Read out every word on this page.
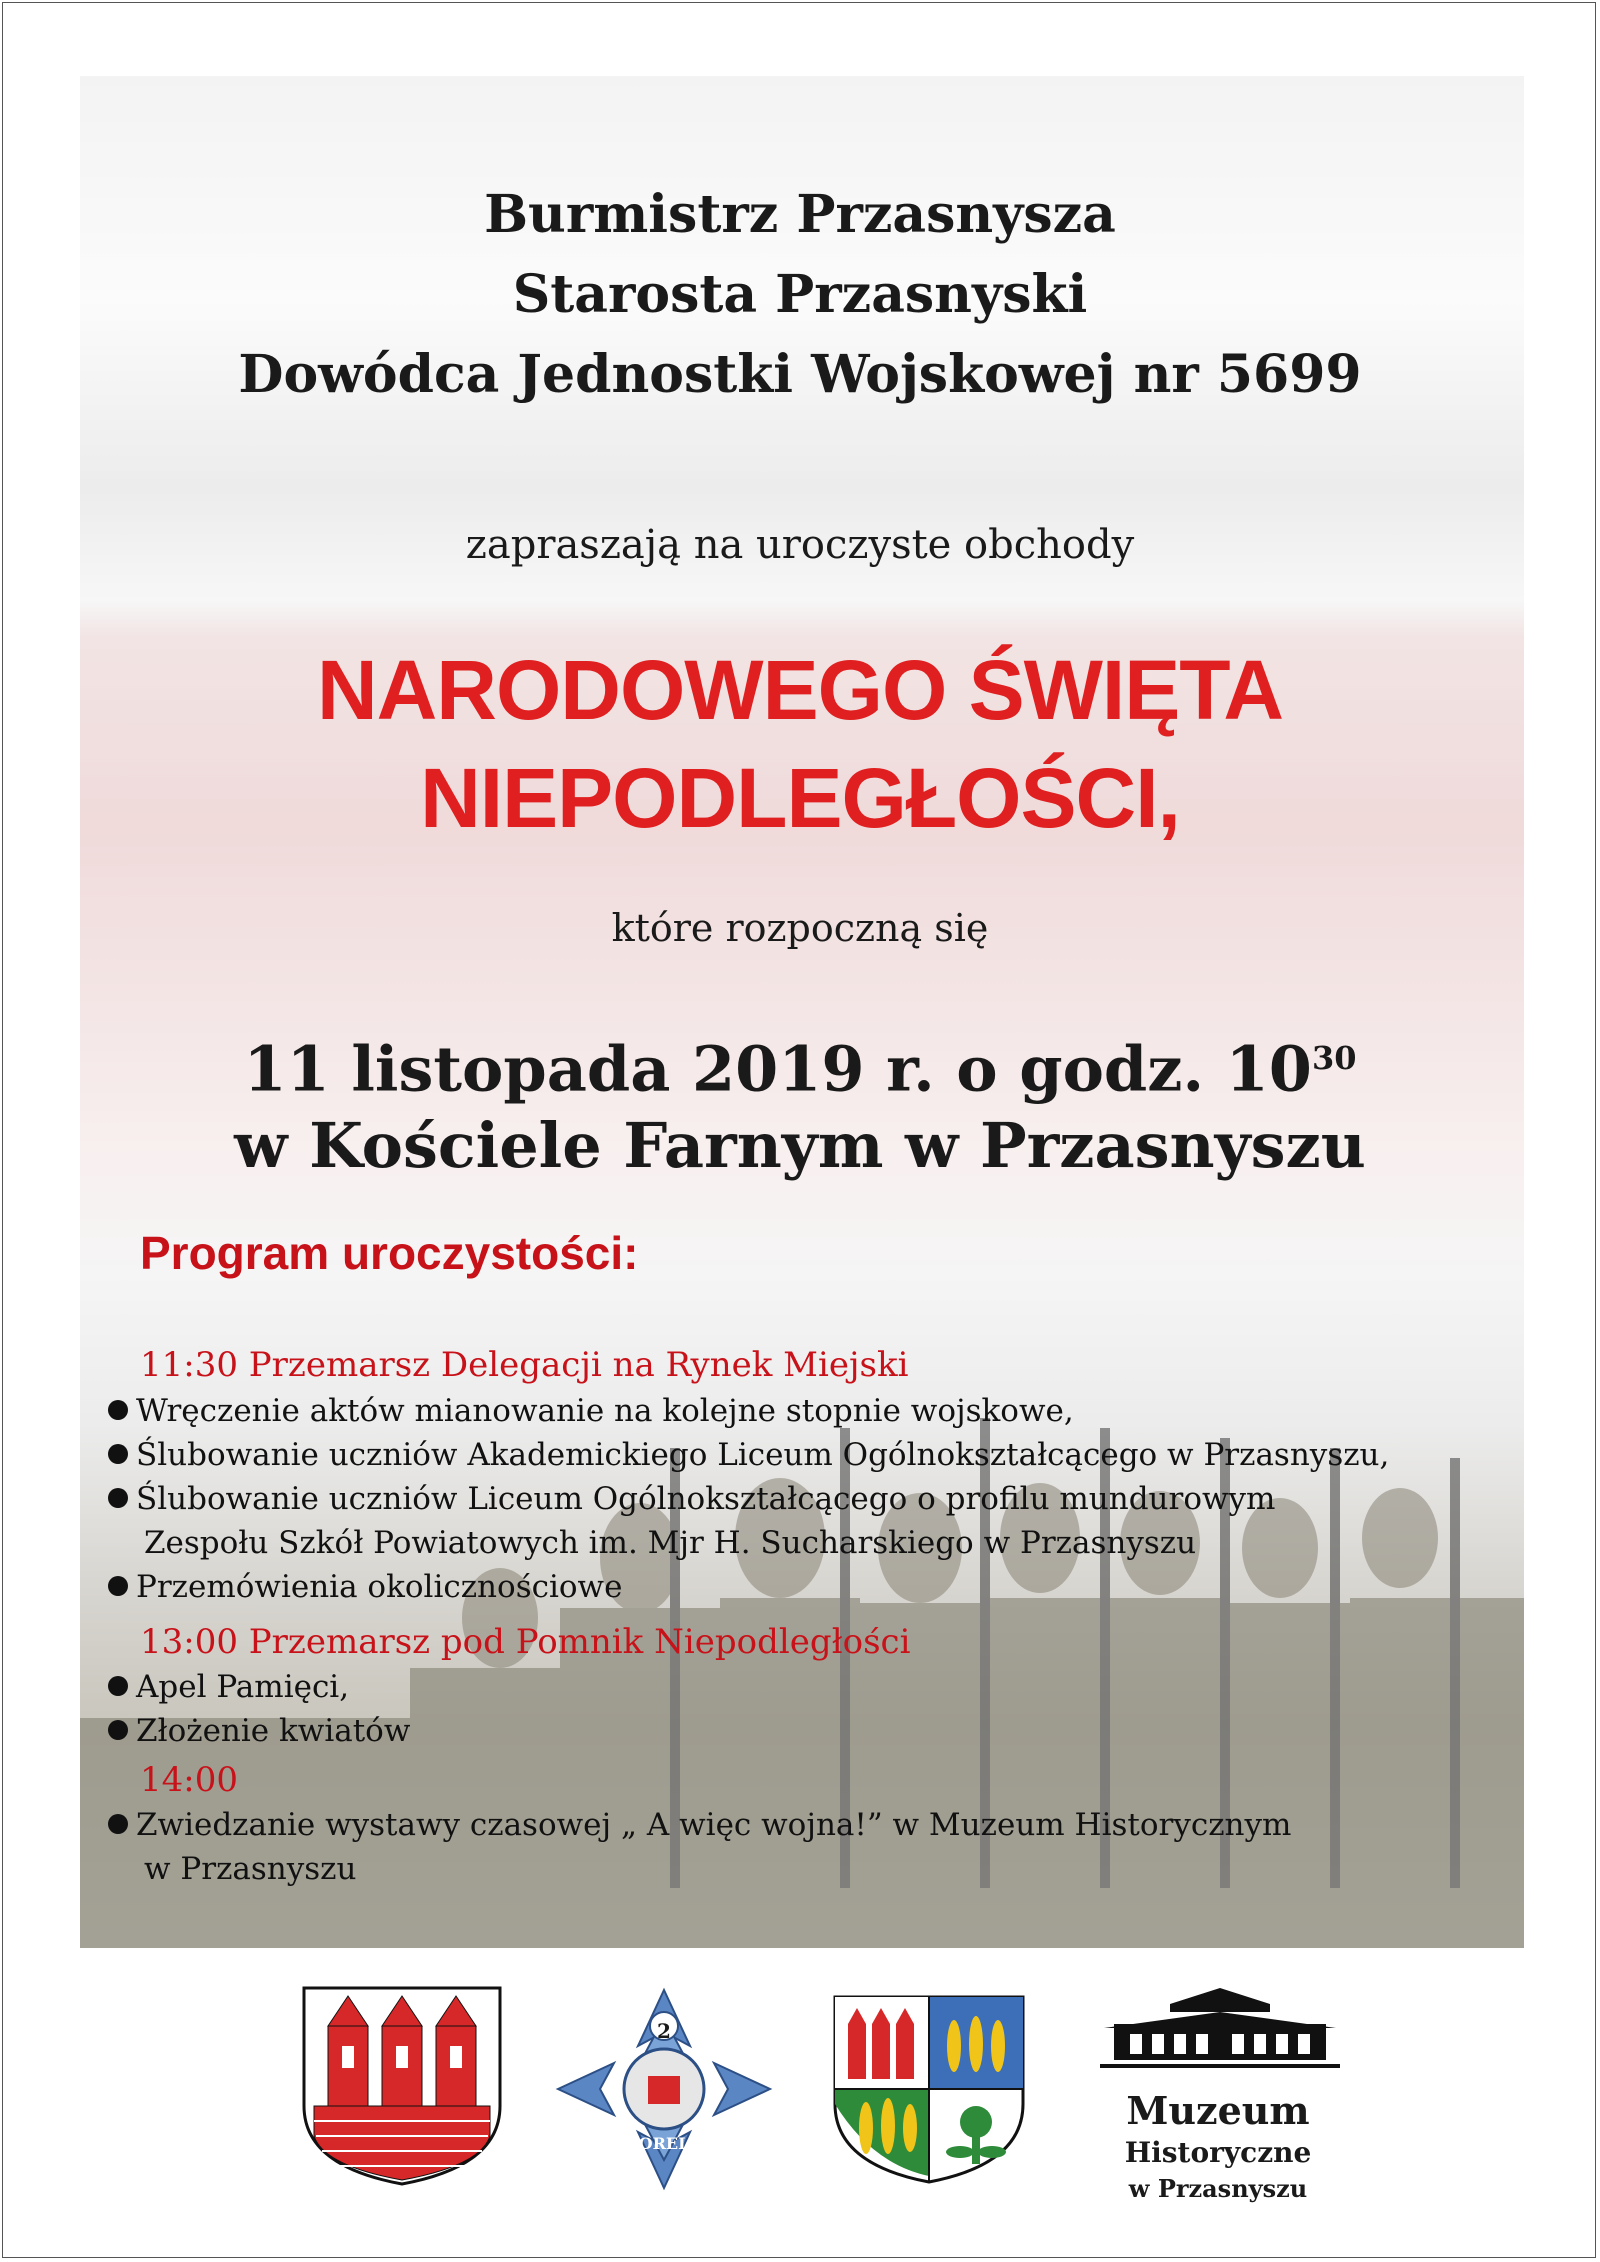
Burmistrz Przasnysza
Starosta Przasnyski
Dowódca Jednostki Wojskowej nr 5699
zapraszają na uroczyste obchody
NARODOWEGO ŚWIĘTA
NIEPODLEGŁOŚCI,
które rozpoczną się
11 listopada 2019 r. o godz. $10^{30}$
w Kościele Farnym w Przasnyszu
Program uroczystości:
11:30 Przemarsz Delegacji na Rynek Miejski
Wręczenie aktów mianowanie na kolejne stopnie wojskowe,
Ślubowanie uczniów Akademickiego Liceum Ogólnokształcącego w Przasnyszu,
Ślubowanie uczniów Liceum Ogólnokształcącego o profilu mundurowym
Zespołu Szkół Powiatowych im. Mjr H. Sucharskiego w Przasnyszu
Przemówienia okolicznościowe
13:00 Przemarsz pod Pomnik Niepodległości
Apel Pamięci,
Złożenie kwiatów
14:00
Zwiedzanie wystawy czasowej „ A więc wojna!” w Muzeum Historycznym
w Przasnyszu
2
OREL
Muzeum
Historyczne
w Przasnyszu
